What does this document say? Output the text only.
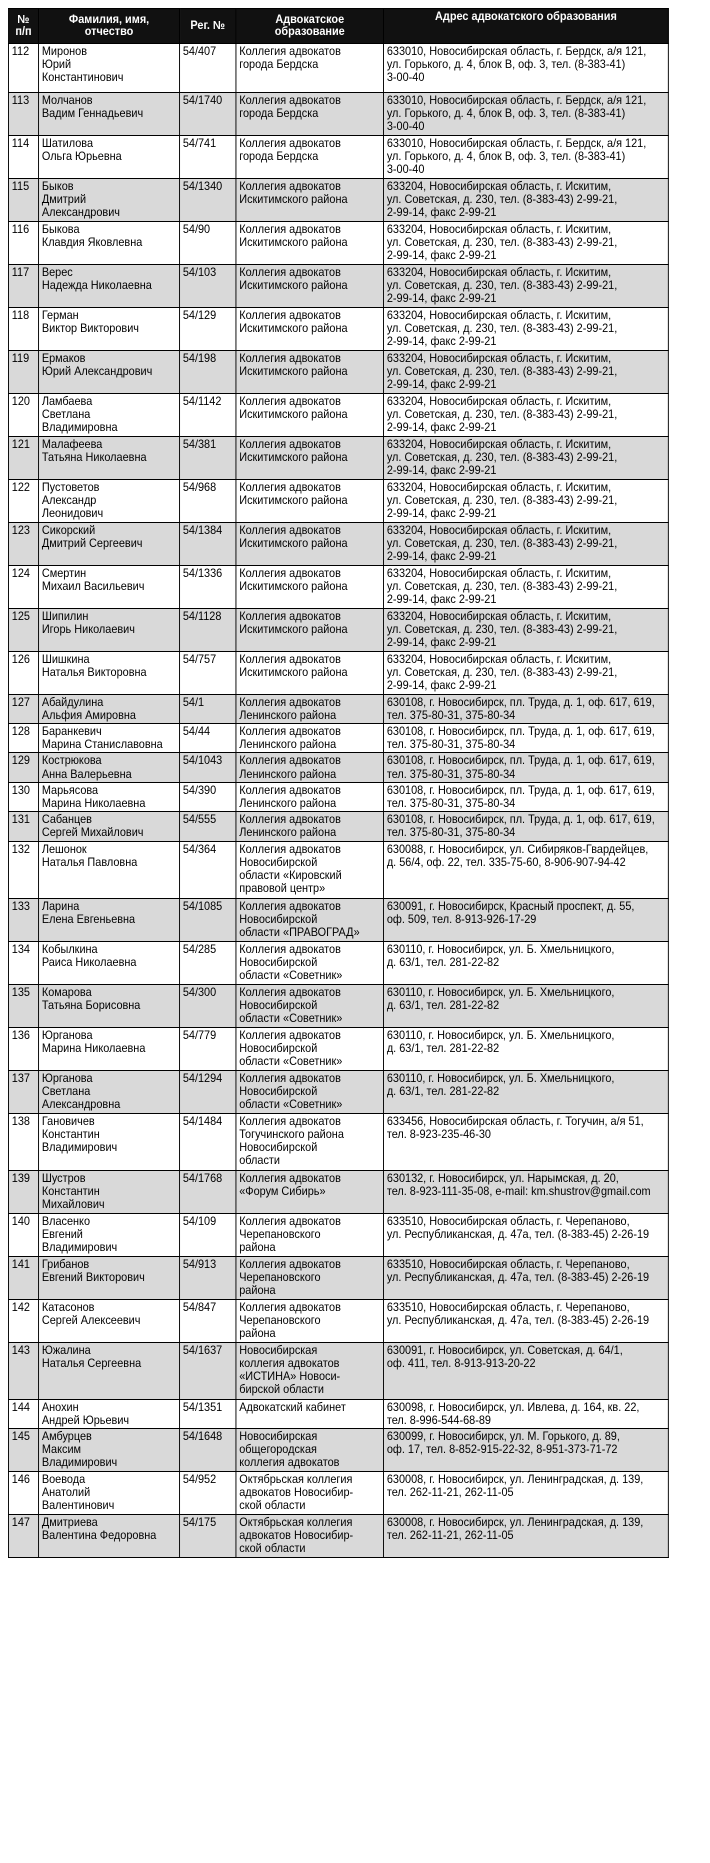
№
п/п	Фамилия, имя,
отчество	Рег. №	Адвокатское
образование	Адрес адвокатского образования
112	Миронов
Юрий
Константинович	54/407	Коллегия адвокатов
города Бердска	633010, Новосибирская область, г. Бердск, а/я 121,
ул. Горького, д. 4, блок В, оф. 3, тел. (8-383-41)
3-00-40
113	Молчанов
Вадим Геннадьевич	54/1740	Коллегия адвокатов
города Бердска	633010, Новосибирская область, г. Бердск, а/я 121,
ул. Горького, д. 4, блок В, оф. 3, тел. (8-383-41)
3-00-40
114	Шатилова
Ольга Юрьевна	54/741	Коллегия адвокатов
города Бердска	633010, Новосибирская область, г. Бердск, а/я 121,
ул. Горького, д. 4, блок В, оф. 3, тел. (8-383-41)
3-00-40
115	Быков
Дмитрий
Александрович	54/1340	Коллегия адвокатов
Искитимского района	633204, Новосибирская область, г. Искитим,
ул. Советская, д. 230, тел. (8-383-43) 2-99-21,
2-99-14, факс 2-99-21
116	Быкова
Клавдия Яковлевна	54/90	Коллегия адвокатов
Искитимского района	633204, Новосибирская область, г. Искитим,
ул. Советская, д. 230, тел. (8-383-43) 2-99-21,
2-99-14, факс 2-99-21
117	Верес
Надежда Николаевна	54/103	Коллегия адвокатов
Искитимского района	633204, Новосибирская область, г. Искитим,
ул. Советская, д. 230, тел. (8-383-43) 2-99-21,
2-99-14, факс 2-99-21
118	Герман
Виктор Викторович	54/129	Коллегия адвокатов
Искитимского района	633204, Новосибирская область, г. Искитим,
ул. Советская, д. 230, тел. (8-383-43) 2-99-21,
2-99-14, факс 2-99-21
119	Ермаков
Юрий Александрович	54/198	Коллегия адвокатов
Искитимского района	633204, Новосибирская область, г. Искитим,
ул. Советская, д. 230, тел. (8-383-43) 2-99-21,
2-99-14, факс 2-99-21
120	Ламбаева
Светлана
Владимировна	54/1142	Коллегия адвокатов
Искитимского района	633204, Новосибирская область, г. Искитим,
ул. Советская, д. 230, тел. (8-383-43) 2-99-21,
2-99-14, факс 2-99-21
121	Малафеева
Татьяна Николаевна	54/381	Коллегия адвокатов
Искитимского района	633204, Новосибирская область, г. Искитим,
ул. Советская, д. 230, тел. (8-383-43) 2-99-21,
2-99-14, факс 2-99-21
122	Пустоветов
Александр
Леонидович	54/968	Коллегия адвокатов
Искитимского района	633204, Новосибирская область, г. Искитим,
ул. Советская, д. 230, тел. (8-383-43) 2-99-21,
2-99-14, факс 2-99-21
123	Сикорский
Дмитрий Сергеевич	54/1384	Коллегия адвокатов
Искитимского района	633204, Новосибирская область, г. Искитим,
ул. Советская, д. 230, тел. (8-383-43) 2-99-21,
2-99-14, факс 2-99-21
124	Смертин
Михаил Васильевич	54/1336	Коллегия адвокатов
Искитимского района	633204, Новосибирская область, г. Искитим,
ул. Советская, д. 230, тел. (8-383-43) 2-99-21,
2-99-14, факс 2-99-21
125	Шипилин
Игорь Николаевич	54/1128	Коллегия адвокатов
Искитимского района	633204, Новосибирская область, г. Искитим,
ул. Советская, д. 230, тел. (8-383-43) 2-99-21,
2-99-14, факс 2-99-21
126	Шишкина
Наталья Викторовна	54/757	Коллегия адвокатов
Искитимского района	633204, Новосибирская область, г. Искитим,
ул. Советская, д. 230, тел. (8-383-43) 2-99-21,
2-99-14, факс 2-99-21
127	Абайдулина
Альфия Амировна	54/1	Коллегия адвокатов
Ленинского района	630108, г. Новосибирск, пл. Труда, д. 1, оф. 617, 619,
тел. 375-80-31, 375-80-34
128	Баранкевич
Марина Станиславовна	54/44	Коллегия адвокатов
Ленинского района	630108, г. Новосибирск, пл. Труда, д. 1, оф. 617, 619,
тел. 375-80-31, 375-80-34
129	Кострюкова
Анна Валерьевна	54/1043	Коллегия адвокатов
Ленинского района	630108, г. Новосибирск, пл. Труда, д. 1, оф. 617, 619,
тел. 375-80-31, 375-80-34
130	Марьясова
Марина Николаевна	54/390	Коллегия адвокатов
Ленинского района	630108, г. Новосибирск, пл. Труда, д. 1, оф. 617, 619,
тел. 375-80-31, 375-80-34
131	Сабанцев
Сергей Михайлович	54/555	Коллегия адвокатов
Ленинского района	630108, г. Новосибирск, пл. Труда, д. 1, оф. 617, 619,
тел. 375-80-31, 375-80-34
132	Лешонок
Наталья Павловна	54/364	Коллегия адвокатов
Новосибирской
области «Кировский
правовой центр»	630088, г. Новосибирск, ул. Сибиряков-Гвардейцев,
д. 56/4, оф. 22, тел. 335-75-60, 8-906-907-94-42
133	Ларина
Елена Евгеньевна	54/1085	Коллегия адвокатов
Новосибирской
области «ПРАВОГРАД»	630091, г. Новосибирск, Красный проспект, д. 55,
оф. 509, тел. 8-913-926-17-29
134	Кобылкина
Раиса Николаевна	54/285	Коллегия адвокатов
Новосибирской
области «Советник»	630110, г. Новосибирск, ул. Б. Хмельницкого,
д. 63/1, тел. 281-22-82
135	Комарова
Татьяна Борисовна	54/300	Коллегия адвокатов
Новосибирской
области «Советник»	630110, г. Новосибирск, ул. Б. Хмельницкого,
д. 63/1, тел. 281-22-82
136	Юрганова
Марина Николаевна	54/779	Коллегия адвокатов
Новосибирской
области «Советник»	630110, г. Новосибирск, ул. Б. Хмельницкого,
д. 63/1, тел. 281-22-82
137	Юрганова
Светлана
Александровна	54/1294	Коллегия адвокатов
Новосибирской
области «Советник»	630110, г. Новосибирск, ул. Б. Хмельницкого,
д. 63/1, тел. 281-22-82
138	Гановичев
Константин
Владимирович	54/1484	Коллегия адвокатов
Тогучинского района
Новосибирской
области	633456, Новосибирская область, г. Тогучин, а/я 51,
тел. 8-923-235-46-30
139	Шустров
Константин
Михайлович	54/1768	Коллегия адвокатов
«Форум Сибирь»	630132, г. Новосибирск, ул. Нарымская, д. 20,
тел. 8-923-111-35-08, e-mail: km.shustrov@gmail.com
140	Власенко
Евгений
Владимирович	54/109	Коллегия адвокатов
Черепановского
района	633510, Новосибирская область, г. Черепаново,
ул. Республиканская, д. 47а, тел. (8-383-45) 2-26-19
141	Грибанов
Евгений Викторович	54/913	Коллегия адвокатов
Черепановского
района	633510, Новосибирская область, г. Черепаново,
ул. Республиканская, д. 47а, тел. (8-383-45) 2-26-19
142	Катасонов
Сергей Алексеевич	54/847	Коллегия адвокатов
Черепановского
района	633510, Новосибирская область, г. Черепаново,
ул. Республиканская, д. 47а, тел. (8-383-45) 2-26-19
143	Южалина
Наталья Сергеевна	54/1637	Новосибирская
коллегия адвокатов
«ИСТИНА» Новоси-
бирской области	630091, г. Новосибирск, ул. Советская, д. 64/1,
оф. 411, тел. 8-913-913-20-22
144	Анохин
Андрей Юрьевич	54/1351	Адвокатский кабинет	630098, г. Новосибирск, ул. Ивлева, д. 164, кв. 22,
тел. 8-996-544-68-89
145	Амбурцев
Максим
Владимирович	54/1648	Новосибирская
общегородская
коллегия адвокатов	630099, г. Новосибирск, ул. М. Горького, д. 89,
оф. 17, тел. 8-852-915-22-32, 8-951-373-71-72
146	Воеводa
Анатолий
Валентинович	54/952	Октябрьская коллегия
адвокатов Новосибир-
ской области	630008, г. Новосибирск, ул. Ленинградская, д. 139,
тел. 262-11-21, 262-11-05
147	Дмитриева
Валентина Федоровна	54/175	Октябрьская коллегия
адвокатов Новосибир-
ской области	630008, г. Новосибирск, ул. Ленинградская, д. 139,
тел. 262-11-21, 262-11-05
